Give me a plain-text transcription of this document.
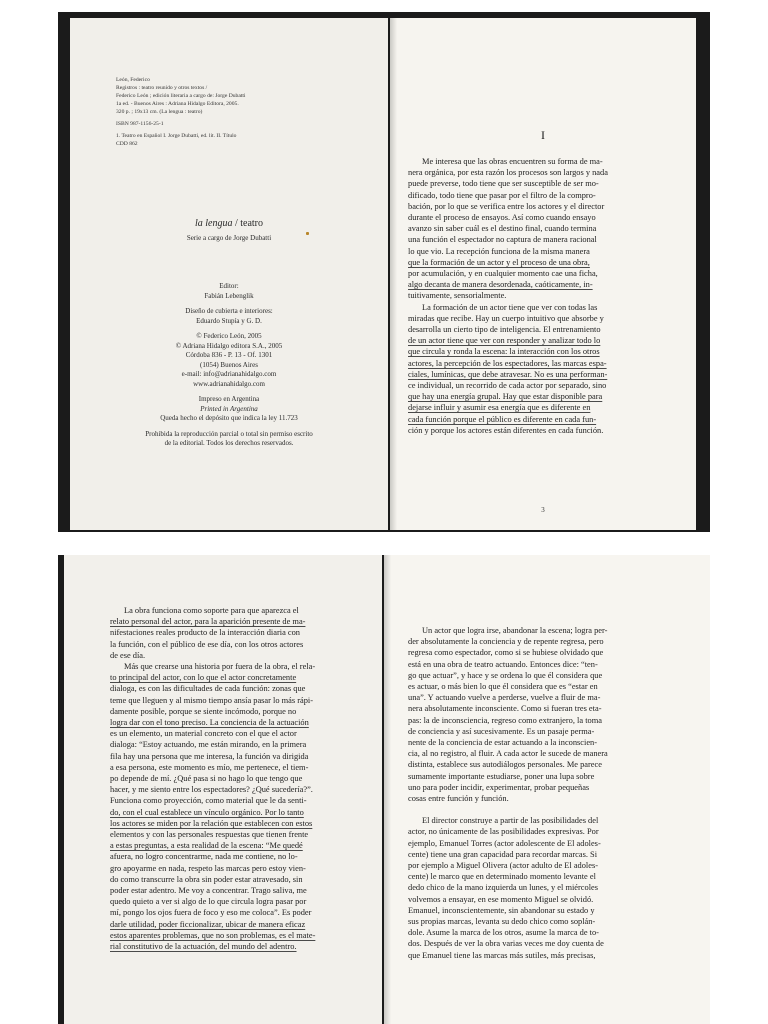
León, Federico
Registros : teatro reunido y otros textos /
Federico León ; edición literaria a cargo de: Jorge Dubatti
1a ed. - Buenos Aires : Adriana Hidalgo Editora, 2005.
320 p. ; 19x13 cm. (La lengua : teatro)
ISBN 987-1156-25-1
1. Teatro en Español I. Jorge Dubatti, ed. lit. II. Título
CDD 862
la lengua / teatro
Serie a cargo de Jorge Dubatti
Editor:
Fabián Lebenglik
Diseño de cubierta e interiores:
Eduardo Stupía y G. D.
© Federico León, 2005
© Adriana Hidalgo editora S.A., 2005
Córdoba 836 - P. 13 - Of. 1301
(1054) Buenos Aires
e-mail: info@adrianahidalgo.com
www.adrianahidalgo.com
Impreso en Argentina
Printed in Argentina
Queda hecho el depósito que indica la ley 11.723
Prohibida la reproducción parcial o total sin permiso escrito
de la editorial. Todos los derechos reservados.
I
Me interesa que las obras encuentren su forma de ma-
nera orgánica, por esta razón los procesos son largos y nada
puede preverse, todo tiene que ser susceptible de ser mo-
dificado, todo tiene que pasar por el filtro de la compro-
bación, por lo que se verifica entre los actores y el director
durante el proceso de ensayos. Así como cuando ensayo
avanzo sin saber cuál es el destino final, cuando termina
una función el espectador no captura de manera racional
lo que vio. La recepción funciona de la misma manera
que la formación de un actor y el proceso de una obra,
por acumulación, y en cualquier momento cae una ficha,
algo decanta de manera desordenada, caóticamente, in-
tuitivamente, sensorialmente.
La formación de un actor tiene que ver con todas las
miradas que recibe. Hay un cuerpo intuitivo que absorbe y
desarrolla un cierto tipo de inteligencia. El entrenamiento
de un actor tiene que ver con responder y analizar todo lo
que circula y ronda la escena: la interacción con los otros
actores, la percepción de los espectadores, las marcas espa-
ciales, lumínicas, que debe atravesar. No es una performan-
ce individual, un recorrido de cada actor por separado, sino
que hay una energía grupal. Hay que estar disponible para
dejarse influir y asumir esa energía que es diferente en
cada función porque el público es diferente en cada fun-
ción y porque los actores están diferentes en cada función.
3
La obra funciona como soporte para que aparezca el
relato personal del actor, para la aparición presente de ma-
nifestaciones reales producto de la interacción diaria con
la función, con el público de ese día, con los otros actores
de ese día.
Más que crearse una historia por fuera de la obra, el rela-
to principal del actor, con lo que el actor concretamente
dialoga, es con las dificultades de cada función: zonas que
teme que lleguen y al mismo tiempo ansía pasar lo más rápi-
damente posible, porque se siente incómodo, porque no
logra dar con el tono preciso. La conciencia de la actuación
es un elemento, un material concreto con el que el actor
dialoga: “Estoy actuando, me están mirando, en la primera
fila hay una persona que me interesa, la función va dirigida
a esa persona, este momento es mío, me pertenece, el tiem-
po depende de mí. ¿Qué pasa si no hago lo que tengo que
hacer, y me siento entre los espectadores? ¿Qué sucedería?”.
Funciona como proyección, como material que le da senti-
do, con el cual establece un vínculo orgánico. Por lo tanto
los actores se miden por la relación que establecen con estos
elementos y con las personales respuestas que tienen frente
a estas preguntas, a esta realidad de la escena: “Me quedé
afuera, no logro concentrarme, nada me contiene, no lo-
gro apoyarme en nada, respeto las marcas pero estoy vien-
do como transcurre la obra sin poder estar atravesado, sin
poder estar adentro. Me voy a concentrar. Trago saliva, me
quedo quieto a ver si algo de lo que circula logra pasar por
mí, pongo los ojos fuera de foco y eso me coloca”. Es poder
darle utilidad, poder ficcionalizar, ubicar de manera eficaz
estos aparentes problemas, que no son problemas, es el mate-
rial constitutivo de la actuación, del mundo del adentro.
Un actor que logra irse, abandonar la escena; logra per-
der absolutamente la conciencia y de repente regresa, pero
regresa como espectador, como si se hubiese olvidado que
está en una obra de teatro actuando. Entonces dice: “ten-
go que actuar”, y hace y se ordena lo que él considera que
es actuar, o más bien lo que él considera que es “estar en
una”. Y actuando vuelve a perderse, vuelve a fluir de ma-
nera absolutamente inconsciente. Como si fueran tres eta-
pas: la de inconsciencia, regreso como extranjero, la toma
de conciencia y así sucesivamente. Es un pasaje perma-
nente de la conciencia de estar actuando a la inconscien-
cia, al no registro, al fluir. A cada actor le sucede de manera
distinta, establece sus autodiálogos personales. Me parece
sumamente importante estudiarse, poner una lupa sobre
uno para poder incidir, experimentar, probar pequeñas
cosas entre función y función.
El director construye a partir de las posibilidades del
actor, no únicamente de las posibilidades expresivas. Por
ejemplo, Emanuel Torres (actor adolescente de El adoles-
cente) tiene una gran capacidad para recordar marcas. Si
por ejemplo a Miguel Olivera (actor adulto de El adoles-
cente) le marco que en determinado momento levante el
dedo chico de la mano izquierda un lunes, y el miércoles
volvemos a ensayar, en ese momento Miguel se olvidó.
Emanuel, inconscientemente, sin abandonar su estado y
sus propias marcas, levanta su dedo chico como soplán-
dole. Asume la marca de los otros, asume la marca de to-
dos. Después de ver la obra varias veces me doy cuenta de
que Emanuel tiene las marcas más sutiles, más precisas,
